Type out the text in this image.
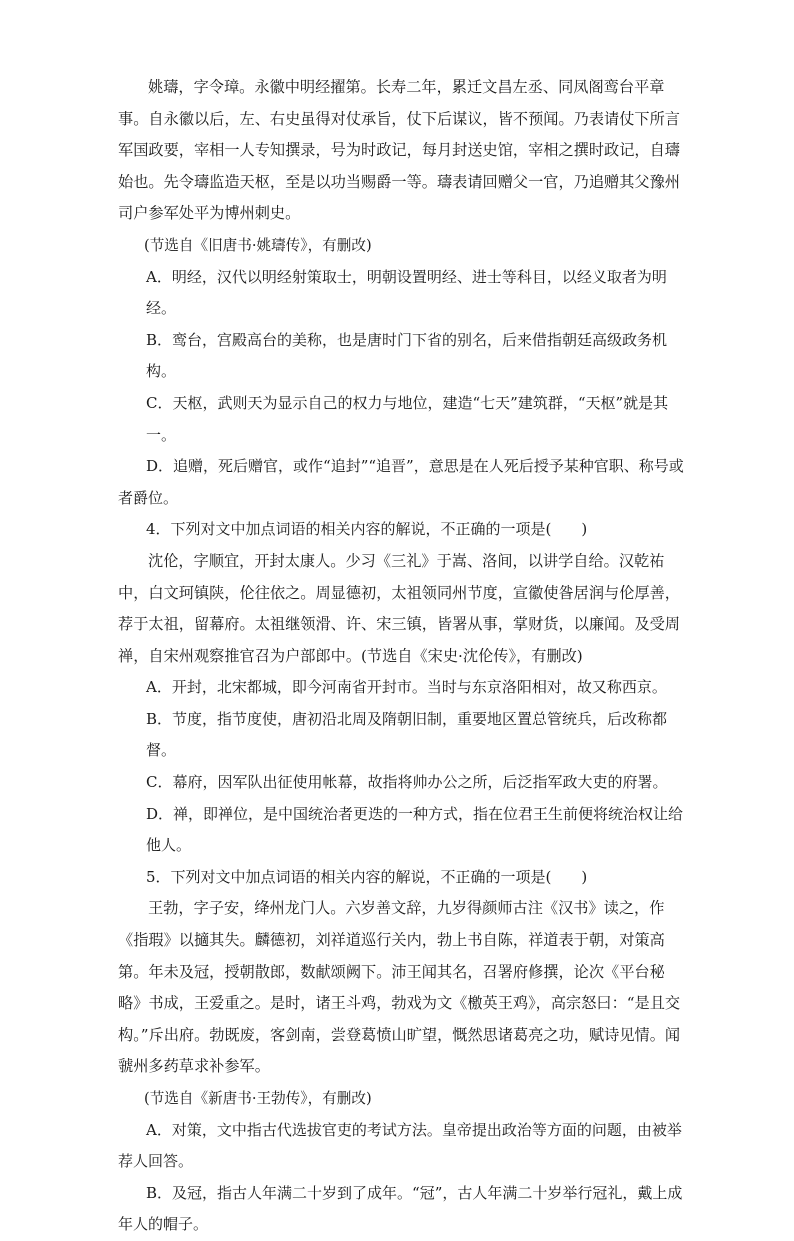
姚璹，字令璋。永徽中明经擢第。长寿二年，累迁文昌左丞、同凤阁鸾台平章事。自永徽以后，左、右史虽得对仗承旨，仗下后谋议，皆不预闻。乃表请仗下所言军国政要，宰相一人专知撰录，号为时政记，每月封送史馆，宰相之撰时政记，自璹始也。先令璹监造天枢，至是以功当赐爵一等。璹表请回赠父一官，乃追赠其父豫州司户参军处平为博州刺史。

(节选自《旧唐书·姚璹传》，有删改)

A．明经，汉代以明经射策取士，明朝设置明经、进士等科目，以经义取者为明经。

B．鸾台，宫殿高台的美称，也是唐时门下省的别名，后来借指朝廷高级政务机构。

C．天枢，武则天为显示自己的权力与地位，建造“七天”建筑群，“天枢”就是其一。

D．追赠，死后赠官，或作“追封”“追晋”，意思是在人死后授予某种官职、称号或者爵位。

4．下列对文中加点词语的相关内容的解说，不正确的一项是(　　)

沈伦，字顺宜，开封太康人。少习《三礼》于嵩、洛间，以讲学自给。汉乾祐中，白文珂镇陕，伦往依之。周显德初，太祖领同州节度，宣徽使昝居润与伦厚善，荐于太祖，留幕府。太祖继领滑、许、宋三镇，皆署从事，掌财货，以廉闻。及受周禅，自宋州观察推官召为户部郎中。(节选自《宋史·沈伦传》，有删改)

A．开封，北宋都城，即今河南省开封市。当时与东京洛阳相对，故又称西京。

B．节度，指节度使，唐初沿北周及隋朝旧制，重要地区置总管统兵，后改称都督。

C．幕府，因军队出征使用帐幕，故指将帅办公之所，后泛指军政大吏的府署。

D．禅，即禅位，是中国统治者更迭的一种方式，指在位君王生前便将统治权让给他人。

5．下列对文中加点词语的相关内容的解说，不正确的一项是(　　)

王勃，字子安，绛州龙门人。六岁善文辞，九岁得颜师古注《汉书》读之，作《指瑕》以擿其失。麟德初，刘祥道巡行关内，勃上书自陈，祥道表于朝，对策高第。年未及冠，授朝散郎，数献颂阙下。沛王闻其名，召署府修撰，论次《平台秘略》书成，王爱重之。是时，诸王斗鸡，勃戏为文《檄英王鸡》，高宗怒曰：“是且交构。”斥出府。勃既废，客剑南，尝登葛愤山旷望，慨然思诸葛亮之功，赋诗见情。闻虢州多药草求补参军。

(节选自《新唐书·王勃传》，有删改)

A．对策，文中指古代选拔官吏的考试方法。皇帝提出政治等方面的问题，由被举荐人回答。

B．及冠，指古人年满二十岁到了成年。“冠”，古人年满二十岁举行冠礼，戴上成年人的帽子。
